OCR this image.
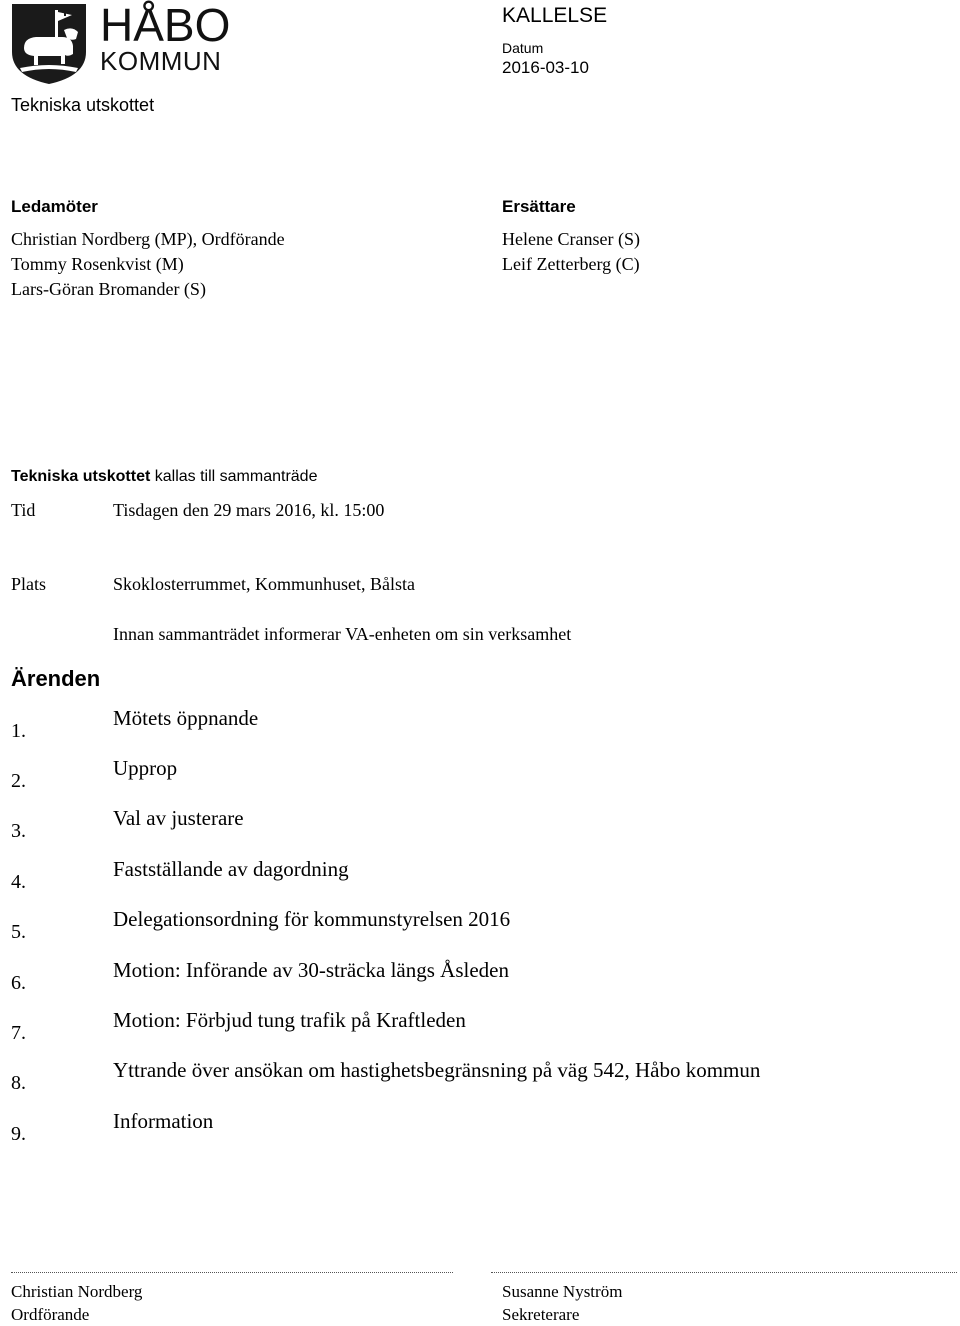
HÅBO
KOMMUN
Tekniska utskottet
KALLELSE
Datum
2016-03-10
Ledamöter
Christian Nordberg (MP), Ordförande
Tommy Rosenkvist (M)
Lars-Göran Bromander (S)
Ersättare
Helene Cranser (S)
Leif Zetterberg (C)
Tekniska utskottet kallas till sammanträde
Tid	Tisdagen den 29 mars 2016, kl. 15:00
Plats	Skoklosterrummet, Kommunhuset, Bålsta
Innan sammanträdet informerar VA-enheten om sin verksamhet
Ärenden
1.
Mötets öppnande
2.
Upprop
3.
Val av justerare
4.
Fastställande av dagordning
5.
Delegationsordning för kommunstyrelsen 2016
6.
Motion: Införande av 30-sträcka längs Åsleden
7.
Motion: Förbjud tung trafik på Kraftleden
8.
Yttrande över ansökan om hastighetsbegränsning på väg 542, Håbo kommun
9.
Information
Christian Nordberg
Ordförande
Susanne Nyström
Sekreterare
